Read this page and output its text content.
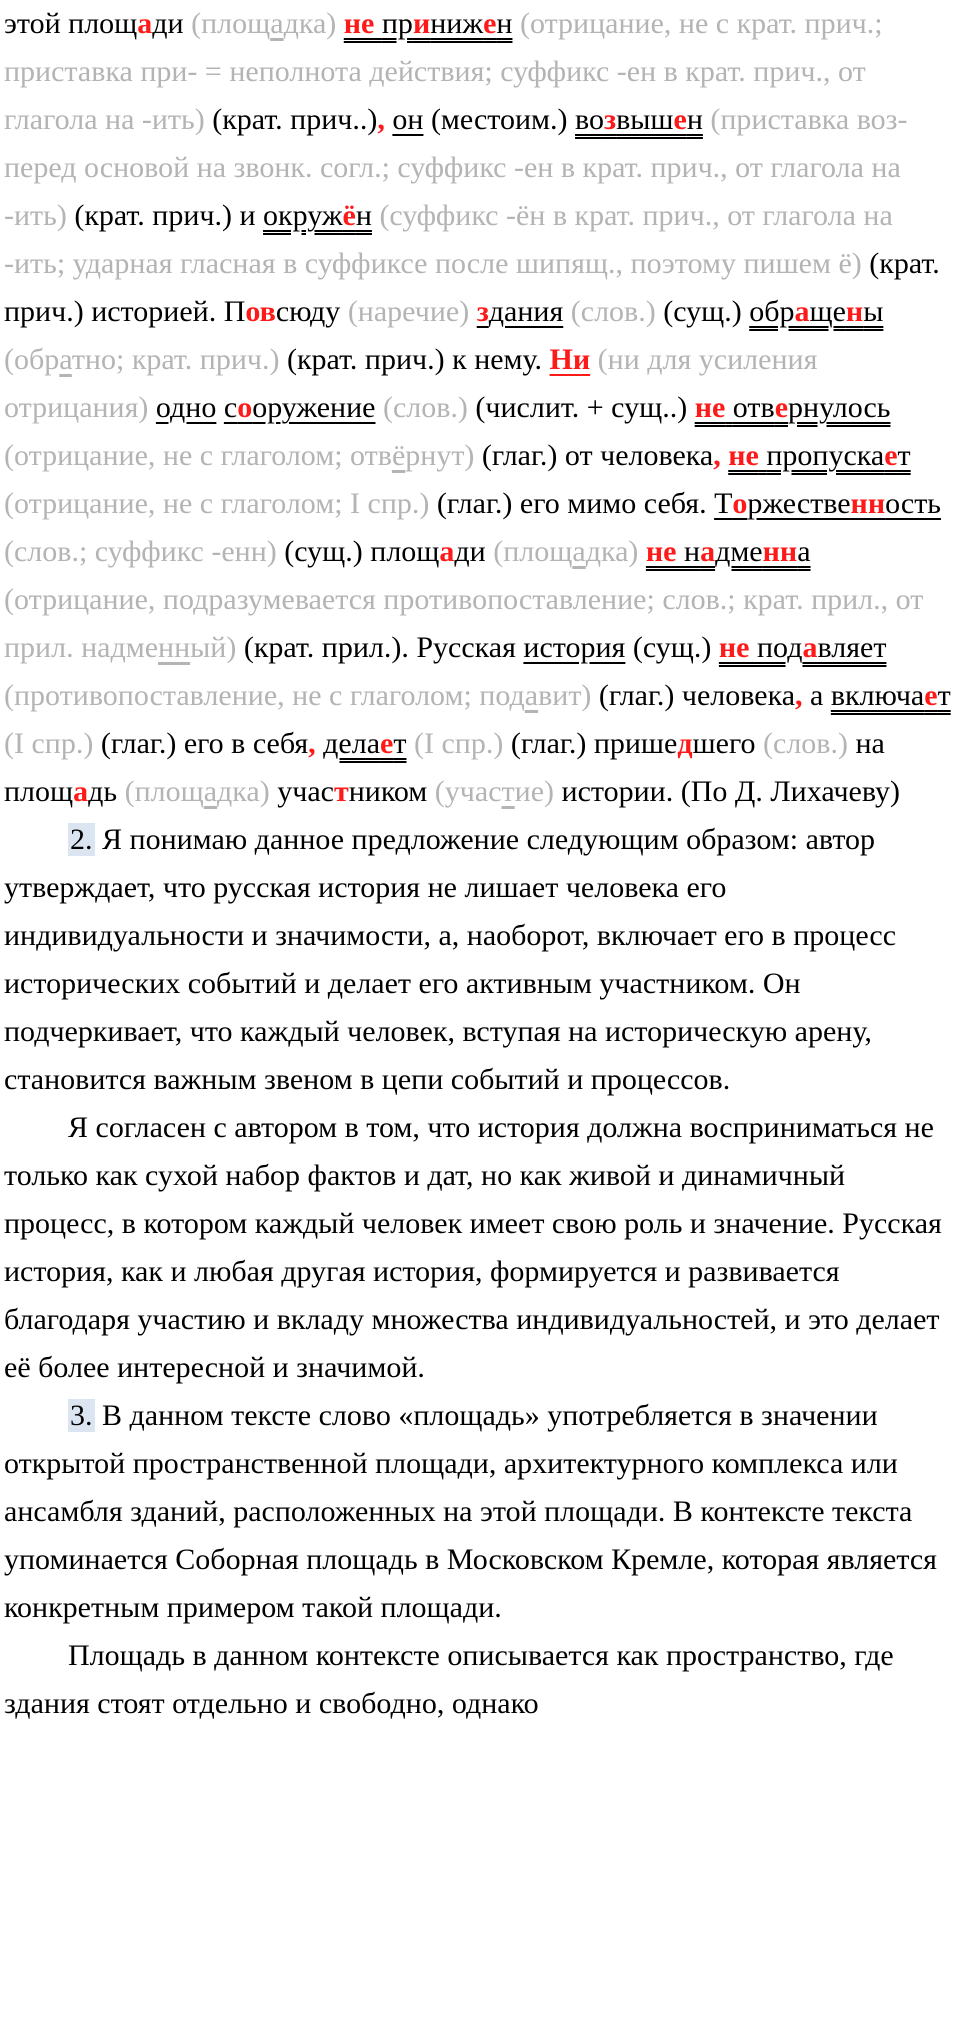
этой площади (площадка) не принижен (отрицание, не с крат. прич.; приставка при- = неполнота действия; суффикс -ен в крат. прич., от глагола на -ить) (крат. прич..), он (местоим.) возвышен (приставка воз- перед основой на звонк. согл.; суффикс -ен в крат. прич., от глагола на -ить) (крат. прич.) и окружён (суффикс -ён в крат. прич., от глагола на -ить; ударная гласная в суффиксе после шипящ., поэтому пишем ё) (крат. прич.) историей. Повсюду (наречие) здания (слов.) (сущ.) обращены (обратно; крат. прич.) (крат. прич.) к нему. Ни (ни для усиления отрицания) одно сооружение (слов.) (числит. + сущ..) не отвернулось (отрицание, не с глаголом; отвёрнут) (глаг.) от человека, не пропускает (отрицание, не с глаголом; I спр.) (глаг.) его мимо себя. Торжественность (слов.; суффикс -енн) (сущ.) площади (площадка) не надменна (отрицание, подразумевается противопоставление; слов.; крат. прил., от прил. надменный) (крат. прил.). Русская история (сущ.) не подавляет (противопоставление, не с глаголом; подавит) (глаг.) человека, а включает (I спр.) (глаг.) его в себя, делает (I спр.) (глаг.) пришедшего (слов.) на площадь (площадка) участником (участие) истории. (По Д. Лихачеву)

2. Я понимаю данное предложение следующим образом: автор утверждает, что русская история не лишает человека его индивидуальности и значимости, а, наоборот, включает его в процесс исторических событий и делает его активным участником. Он подчеркивает, что каждый человек, вступая на историческую арену, становится важным звеном в цепи событий и процессов.

Я согласен с автором в том, что история должна восприниматься не только как сухой набор фактов и дат, но как живой и динамичный процесс, в котором каждый человек имеет свою роль и значение. Русская история, как и любая другая история, формируется и развивается благодаря участию и вкладу множества индивидуальностей, и это делает её более интересной и значимой.

3. В данном тексте слово «площадь» употребляется в значении открытой пространственной площади, архитектурного комплекса или ансамбля зданий, расположенных на этой площади. В контексте текста упоминается Соборная площадь в Московском Кремле, которая является конкретным примером такой площади.

Площадь в данном контексте описывается как пространство, где здания стоят отдельно и свободно, однако
